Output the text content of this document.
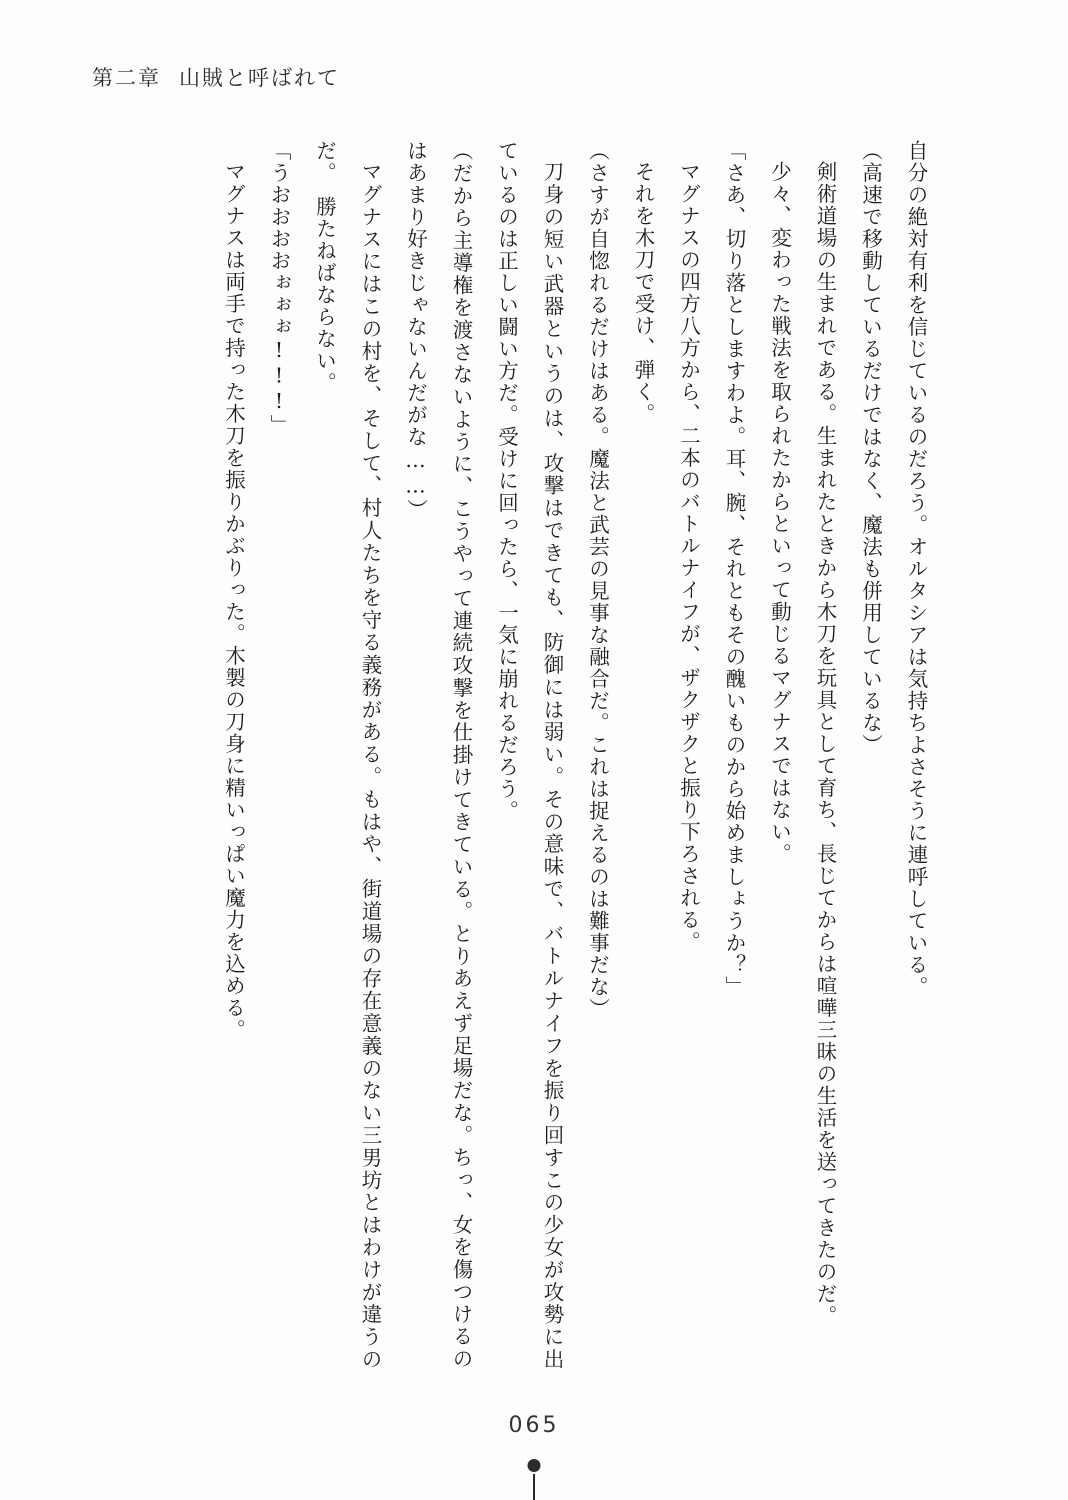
第二章 山賊と呼ばれて

自分の絶対有利を信じているのだろう。オルタシアは気持ちよさそうに連呼している。

（高速で移動しているだけではなく、魔法も併用しているな）

剣術道場の生まれである。生まれたときから木刀を玩具として育ち、長じてからは喧嘩三昧の生活を送ってきたのだ。

少々、変わった戦法を取られたからといって動じるマグナスではない。

「さあ、切り落としますわよ。耳、腕、それともその醜いものから始めましょうか？」

マグナスの四方八方から、二本のバトルナイフが、ザクザクと振り下ろされる。

それを木刀で受け、弾く。

（さすが自惚れるだけはある。魔法と武芸の見事な融合だ。これは捉えるのは難事だな）

刀身の短い武器というのは、攻撃はできても、防御には弱い。その意味で、バトルナイフを振り回すこの少女が攻勢に出ているのは正しい闘い方だ。受けに回ったら、一気に崩れるだろう。

（だから主導権を渡さないように、こうやって連続攻撃を仕掛けてきている。とりあえず足場だな。ちっ、女を傷つけるのはあまり好きじゃないんだがな……）

マグナスにはこの村を、そして、村人たちを守る義務がある。もはや、街道場の存在意義のない三男坊とはわけが違うのだ。　勝たねばならない。

「うおおおおぉぉぉ!!!」

マグナスは両手で持った木刀を振りかぶりった。木製の刀身に精いっぱい魔力を込める。

065
